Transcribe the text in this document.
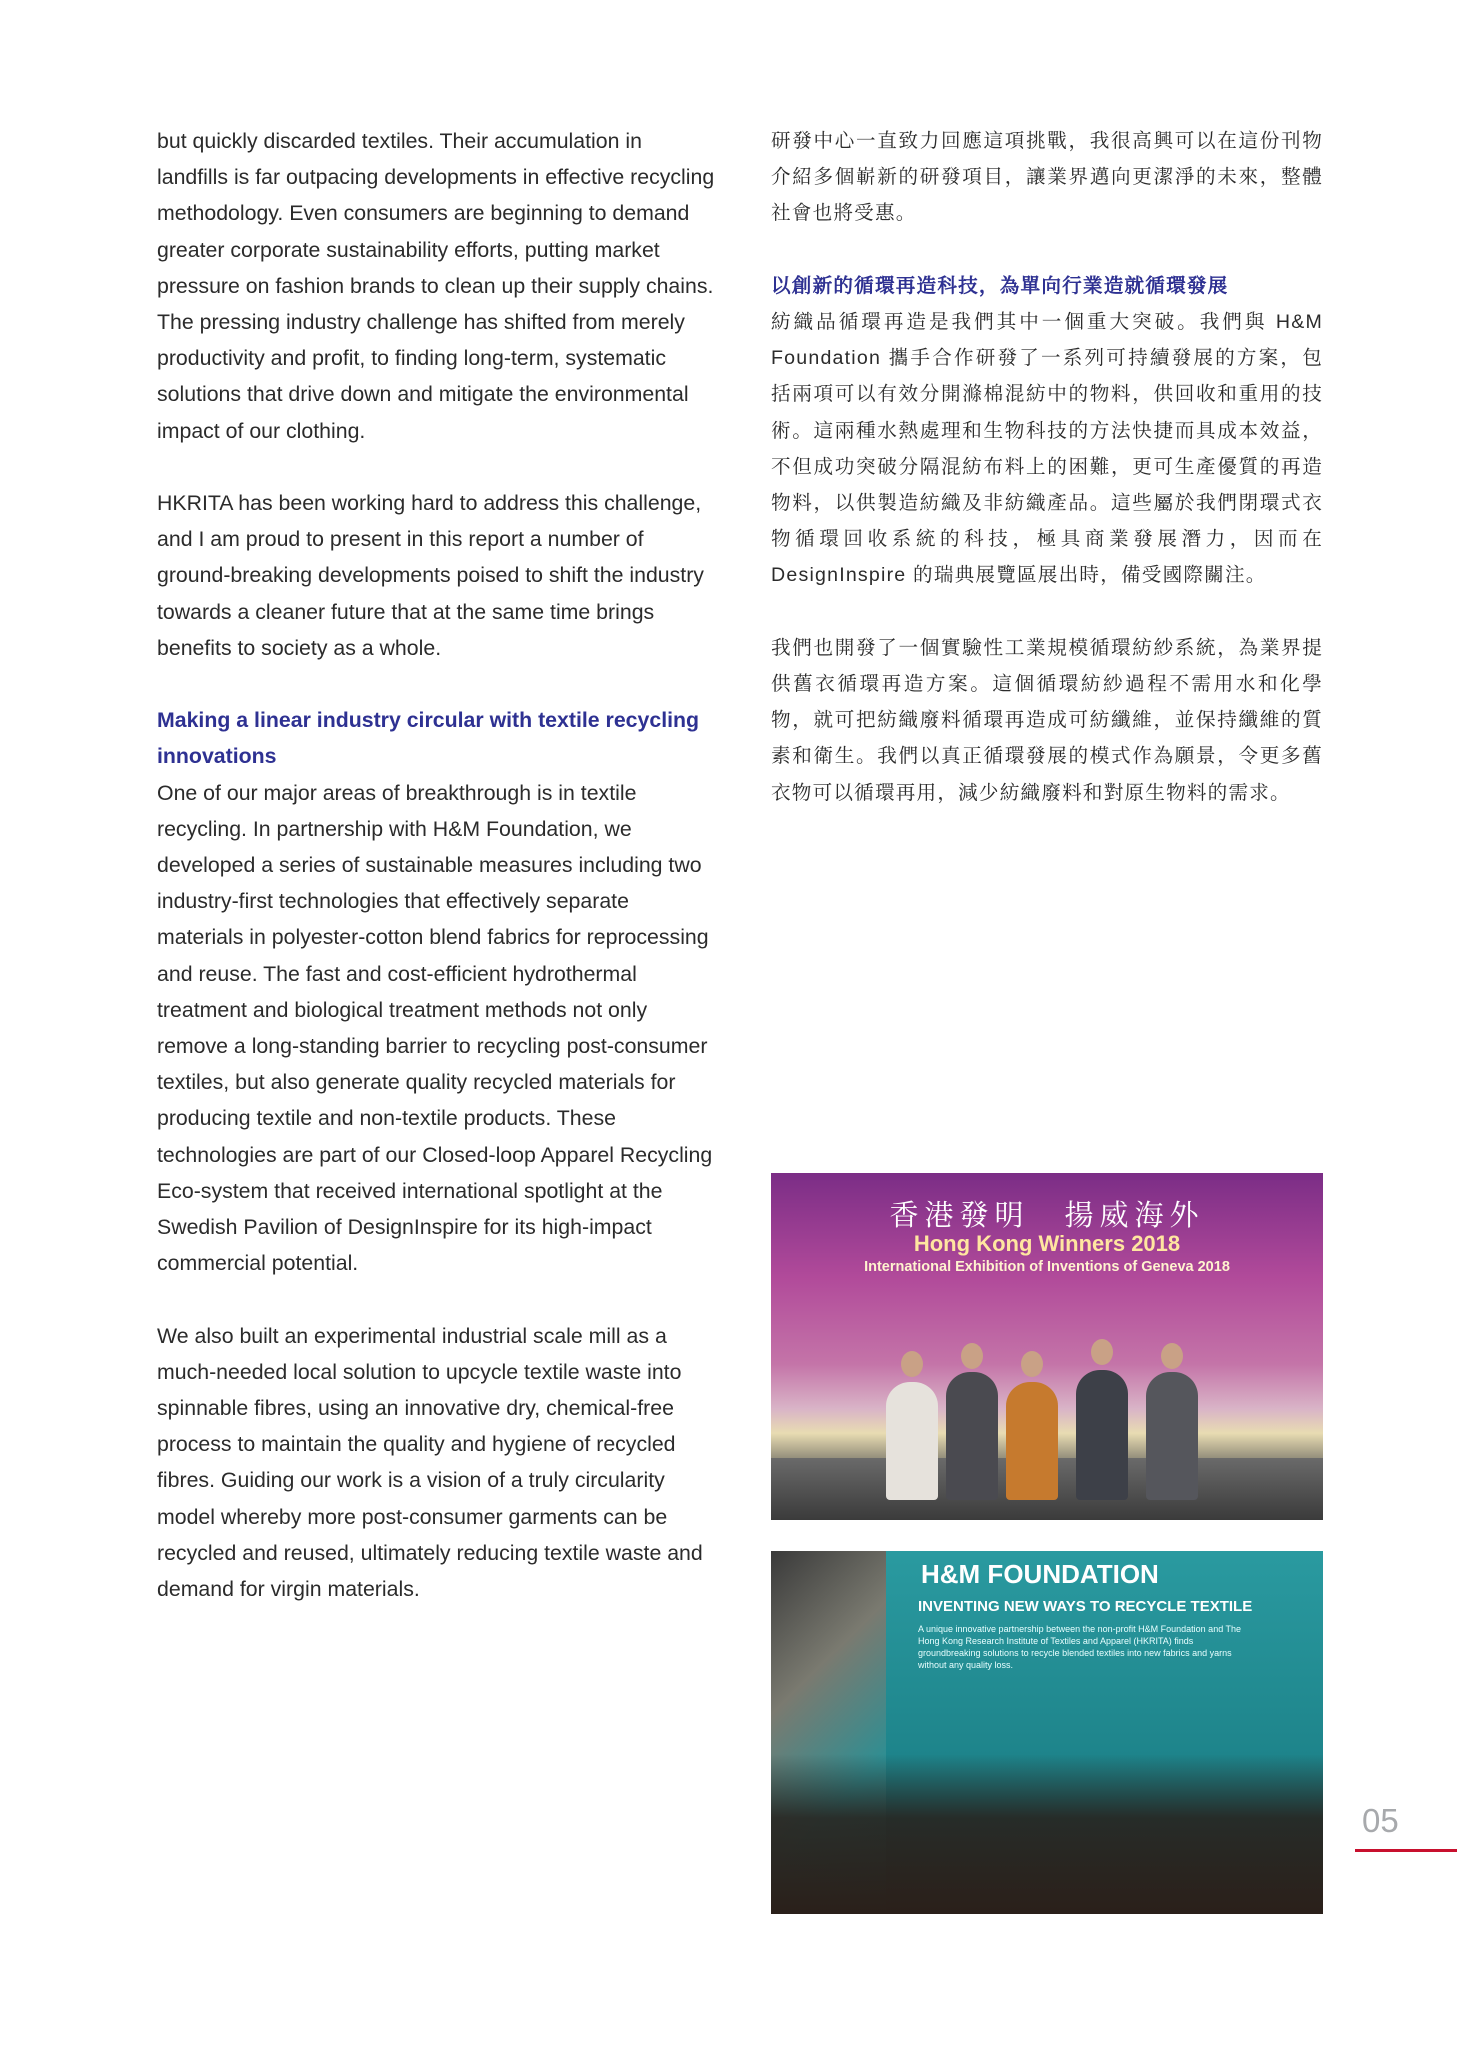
but quickly discarded textiles. Their accumulation in landfills is far outpacing developments in effective recycling methodology. Even consumers are beginning to demand greater corporate sustainability efforts, putting market pressure on fashion brands to clean up their supply chains. The pressing industry challenge has shifted from merely productivity and profit, to finding long-term, systematic solutions that drive down and mitigate the environmental impact of our clothing.

HKRITA has been working hard to address this challenge, and I am proud to present in this report a number of ground-breaking developments poised to shift the industry towards a cleaner future that at the same time brings benefits to society as a whole.

Making a linear industry circular with textile recycling innovations

One of our major areas of breakthrough is in textile recycling. In partnership with H&M Foundation, we developed a series of sustainable measures including two industry-first technologies that effectively separate materials in polyester-cotton blend fabrics for reprocessing and reuse. The fast and cost-efficient hydrothermal treatment and biological treatment methods not only remove a long-standing barrier to recycling post-consumer textiles, but also generate quality recycled materials for producing textile and non-textile products. These technologies are part of our Closed-loop Apparel Recycling Eco-system that received international spotlight at the Swedish Pavilion of DesignInspire for its high-impact commercial potential.

We also built an experimental industrial scale mill as a much-needed local solution to upcycle textile waste into spinnable fibres, using an innovative dry, chemical-free process to maintain the quality and hygiene of recycled fibres. Guiding our work is a vision of a truly circularity model whereby more post-consumer garments can be recycled and reused, ultimately reducing textile waste and demand for virgin materials.

研發中心一直致力回應這項挑戰，我很高興可以在這份刊物介紹多個嶄新的研發項目，讓業界邁向更潔淨的未來，整體社會也將受惠。

以創新的循環再造科技，為單向行業造就循環發展

紡織品循環再造是我們其中一個重大突破。我們與 H&M Foundation 攜手合作研發了一系列可持續發展的方案，包括兩項可以有效分開滌棉混紡中的物料，供回收和重用的技術。這兩種水熱處理和生物科技的方法快捷而具成本效益，不但成功突破分隔混紡布料上的困難，更可生產優質的再造物料，以供製造紡織及非紡織產品。這些屬於我們閉環式衣物循環回收系統的科技，極具商業發展潛力，因而在 DesignInspire 的瑞典展覽區展出時，備受國際關注。

我們也開發了一個實驗性工業規模循環紡紗系統，為業界提供舊衣循環再造方案。這個循環紡紗過程不需用水和化學物，就可把紡織廢料循環再造成可紡纖維，並保持纖維的質素和衛生。我們以真正循環發展的模式作為願景，令更多舊衣物可以循環再用，減少紡織廢料和對原生物料的需求。

香港發明　揚威海外
Hong Kong Winners 2018
International Exhibition of Inventions of Geneva 2018
H&M FOUNDATION
INVENTING NEW WAYS TO RECYCLE TEXTILE
A unique innovative partnership between the non-profit H&M Foundation and The Hong Kong Research Institute of Textiles and Apparel (HKRITA) finds groundbreaking solutions to recycle blended textiles into new fabrics and yarns without any quality loss.
05
